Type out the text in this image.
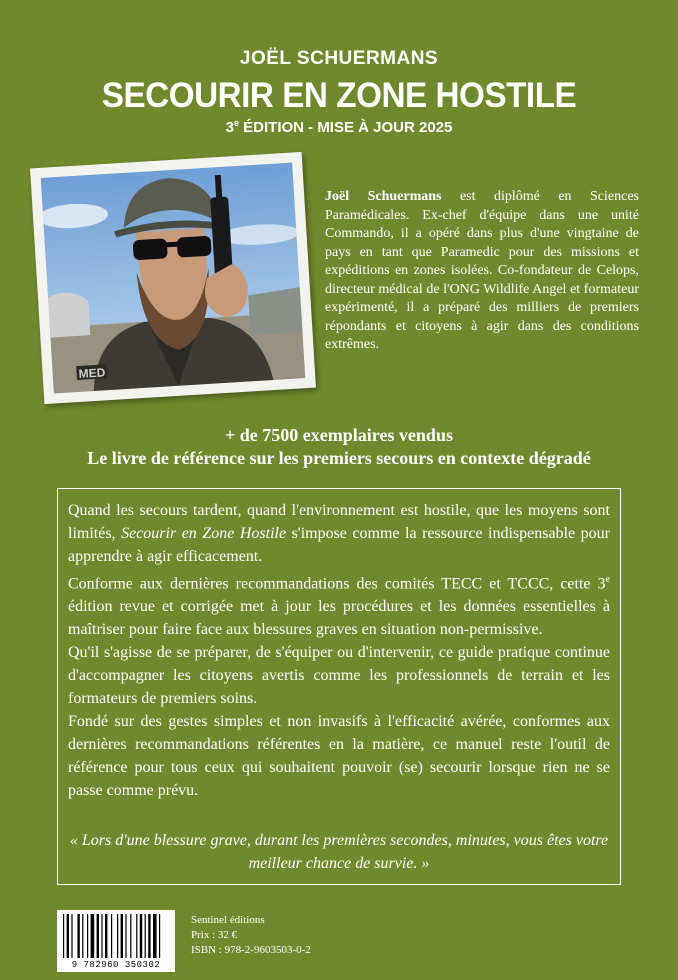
JOËL SCHUERMANS
SECOURIR EN ZONE HOSTILE
3e ÉDITION - MISE À JOUR 2025
MED
Joël Schuermans est diplômé en Sciences Paramédicales. Ex-chef d'équipe dans une unité Commando, il a opéré dans plus d'une vingtaine de pays en tant que Paramedic pour des missions et expéditions en zones isolées. Co-fondateur de Celops, directeur médical de l'ONG Wildlife Angel et formateur expérimenté, il a préparé des milliers de premiers répondants et citoyens à agir dans des conditions extrêmes.
+ de 7500 exemplaires vendus
Le livre de référence sur les premiers secours en contexte dégradé

Quand les secours tardent, quand l'environnement est hostile, que les moyens sont limités, Secourir en Zone Hostile s'impose comme la ressource indispensable pour apprendre à agir efficacement.

Conforme aux dernières recommandations des comités TECC et TCCC, cette 3e édition revue et corrigée met à jour les procédures et les données essentielles à maîtriser pour faire face aux blessures graves en situation non-permissive.

Qu'il s'agisse de se préparer, de s'équiper ou d'intervenir, ce guide pratique continue d'accompagner les citoyens avertis comme les professionnels de terrain et les formateurs de premiers soins.

Fondé sur des gestes simples et non invasifs à l'efficacité avérée, conformes aux dernières recommandations référentes en la matière, ce manuel reste l'outil de référence pour tous ceux qui souhaitent pouvoir (se) secourir lorsque rien ne se passe comme prévu.

« Lors d'une blessure grave, durant les premières secondes, minutes, vous êtes votre meilleur chance de survie. »
9 782960 350302
Sentinel éditions
Prix : 32 €
ISBN : 978-2-9603503-0-2
